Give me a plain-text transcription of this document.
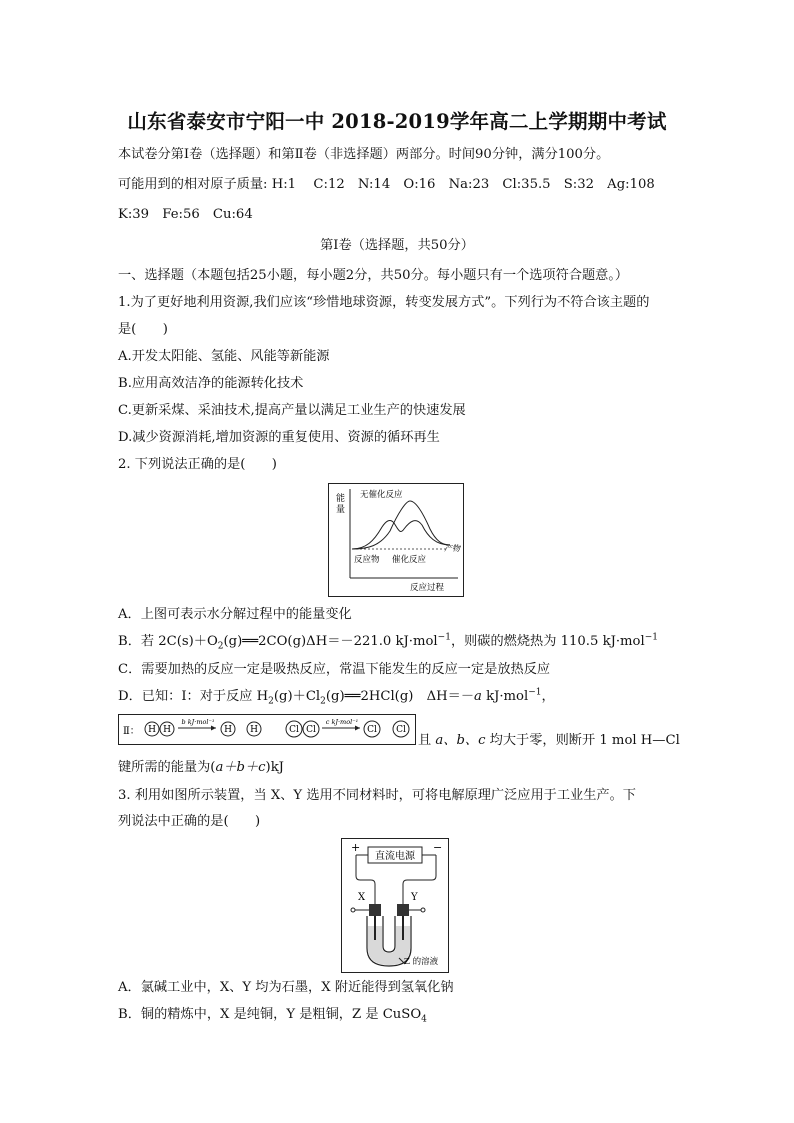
山东省泰安市宁阳一中 2018-2019学年高二上学期期中考试
本试卷分第Ⅰ卷（选择题）和第Ⅱ卷（非选择题）两部分。时间90分钟，满分100分。
可能用到的相对原子质量: H:1　 C:12　N:14　O:16　Na:23　Cl:35.5　S:32　Ag:108
K:39　Fe:56　Cu:64
第Ⅰ卷（选择题，共50分）
一、选择题（本题包括25小题，每小题2分，共50分。每小题只有一个选项符合题意。）
1.为了更好地利用资源,我们应该“珍惜地球资源，转变发展方式”。下列行为不符合该主题的
是(　　)
A.开发太阳能、氢能、风能等新能源
B.应用高效洁净的能源转化技术
C.更新采煤、采油技术,提高产量以满足工业生产的快速发展
D.减少资源消耗,增加资源的重复使用、资源的循环再生
2. 下列说法正确的是(　　)
能
量
无催化反应
产物
反应物 催化反应
反应过程
A．上图可表示水分解过程中的能量变化
B．若 $2C(s)+O_2(g)══2CO(g)\Delta H=-221.0$ kJ·mol$^{-1}$，则碳的燃烧热为 110.5 kJ·mol$^{-1}$
C．需要加热的反应一定是吸热反应，常温下能发生的反应一定是放热反应
D．已知：Ⅰ：对于反应 $H_2(g)+Cl_2(g)══2HCl(g)$　ΔH＝－a kJ·mol$^{-1}$，
Ⅱ： H H
b kJ·mol⁻¹
H H	Cl Cl
c kJ·mol⁻¹
Cl Cl
且 a、b、c 均大于零，则断开 1 mol H—Cl
键所需的能量为(a＋b＋c)kJ
3. 利用如图所示装置，当 X、Y 选用不同材料时，可将电解原理广泛应用于工业生产。下
列说法中正确的是(　　)
+	−
直流电源
X	Y
Z 的溶液
A．氯碱工业中，X、Y 均为石墨，X 附近能得到氢氧化钠
B．铜的精炼中，X 是纯铜，Y 是粗铜，Z 是 CuSO$_4$
